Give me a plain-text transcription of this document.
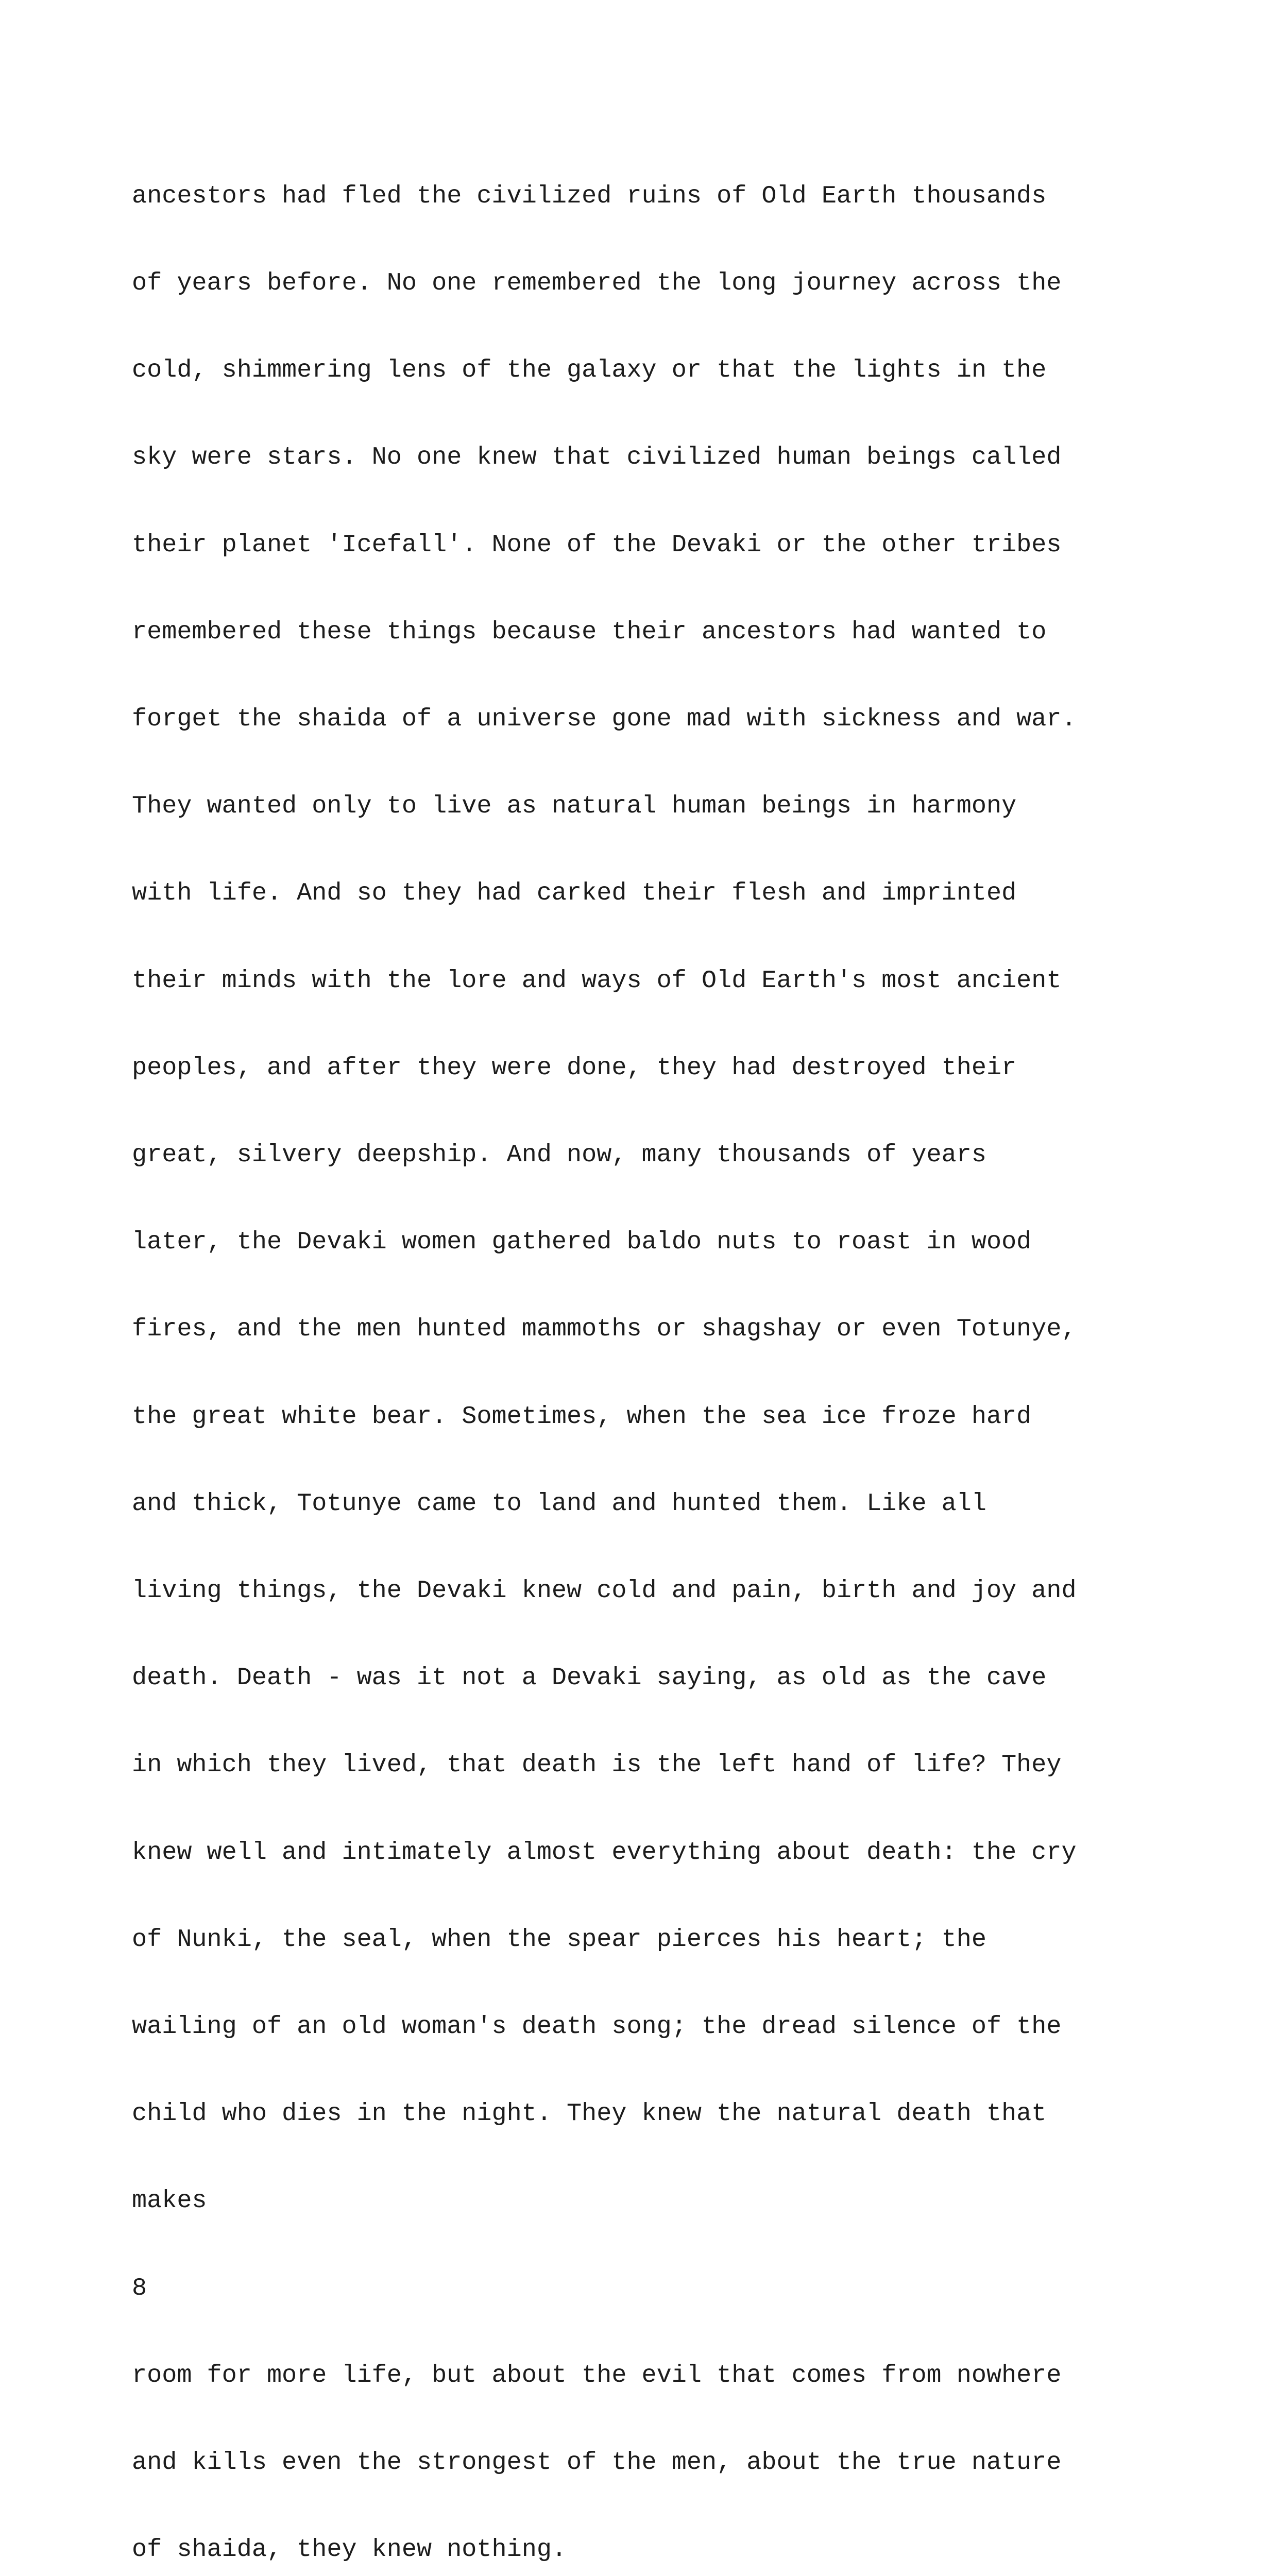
ancestors had fled the civilized ruins of Old Earth thousands

of years before. No one remembered the long journey across the

cold, shimmering lens of the galaxy or that the lights in the

sky were stars. No one knew that civilized human beings called

their planet 'Icefall'. None of the Devaki or the other tribes

remembered these things because their ancestors had wanted to

forget the shaida of a universe gone mad with sickness and war.

They wanted only to live as natural human beings in harmony

with life. And so they had carked their flesh and imprinted

their minds with the lore and ways of Old Earth's most ancient

peoples, and after they were done, they had destroyed their

great, silvery deepship. And now, many thousands of years

later, the Devaki women gathered baldo nuts to roast in wood

fires, and the men hunted mammoths or shagshay or even Totunye,

the great white bear. Sometimes, when the sea ice froze hard

and thick, Totunye came to land and hunted them. Like all

living things, the Devaki knew cold and pain, birth and joy and

death. Death - was it not a Devaki saying, as old as the cave

in which they lived, that death is the left hand of life? They

knew well and intimately almost everything about death: the cry

of Nunki, the seal, when the spear pierces his heart; the

wailing of an old woman's death song; the dread silence of the

child who dies in the night. They knew the natural death that

makes

8

room for more life, but about the evil that comes from nowhere

and kills even the strongest of the men, about the true nature

of shaida, they knew nothing.
